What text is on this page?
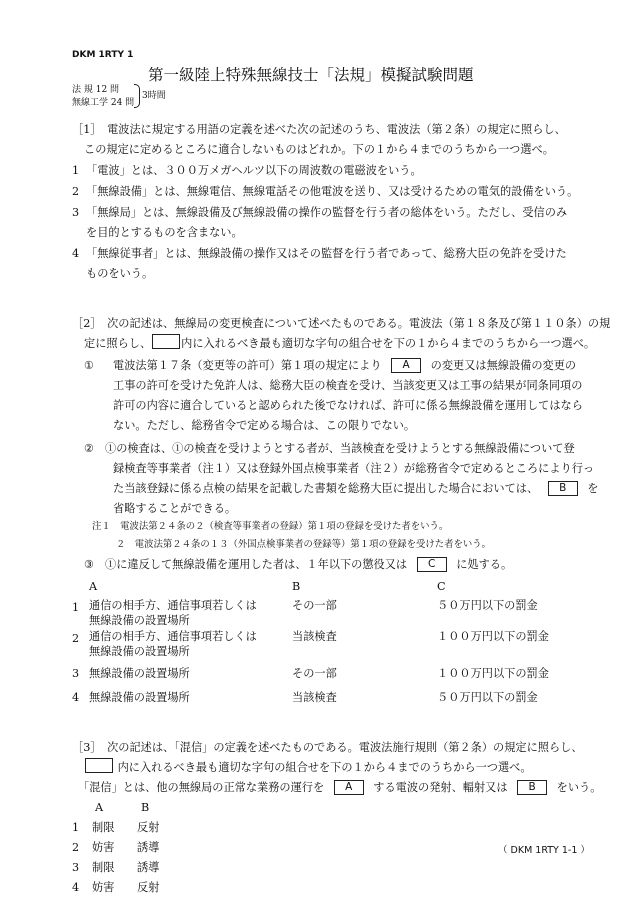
DKM 1RTY 1
第一級陸上特殊無線技士「法規」模擬試験問題
法 規 12 問
無線工学 24 問
3時間
［1］　電波法に規定する用語の定義を述べた次の記述のうち、電波法（第２条）の規定に照らし、
この規定に定めるところに適合しないものはどれか。下の１から４までのうちから一つ選べ。
1 「電波」とは、３００万メガヘルツ以下の周波数の電磁波をいう。
2 「無線設備」とは、無線電信、無線電話その他電波を送り、又は受けるための電気的設備をいう。
3 「無線局」とは、無線設備及び無線設備の操作の監督を行う者の総体をいう。ただし、受信のみ
を目的とするものを含まない。
4 「無線従事者」とは、無線設備の操作又はその監督を行う者であって、総務大臣の免許を受けた
ものをいう。
［2］　次の記述は、無線局の変更検査について述べたものである。電波法（第１８条及び第１１０条）の規
定に照らし、	内に入れるべき最も適切な字句の組合せを下の１から４までのうちから一つ選べ。
① 電波法第１７条（変更等の許可）第１項の規定により A の変更又は無線設備の変更の
工事の許可を受けた免許人は、総務大臣の検査を受け、当該変更又は工事の結果が同条同項の
許可の内容に適合していると認められた後でなければ、許可に係る無線設備を運用してはなら
ない。ただし、総務省令で定める場合は、この限りでない。
② ①の検査は、①の検査を受けようとする者が、当該検査を受けようとする無線設備について登
録検査等事業者（注１）又は登録外国点検事業者（注２）が総務省令で定めるところにより行っ
た当該登録に係る点検の結果を記載した書類を総務大臣に提出した場合においては、 B を
省略することができる。
注１　電波法第２４条の２（検査等事業者の登録）第１項の登録を受けた者をいう。
２　電波法第２４条の１３（外国点検事業者の登録等）第１項の登録を受けた者をいう。
③ ①に違反して無線設備を運用した者は、１年以下の懲役又は C に処する。
A	B	C
1 通信の相手方、通信事項若しくは
無線設備の設置場所
その一部	５０万円以下の罰金
2 通信の相手方、通信事項若しくは
無線設備の設置場所
当該検査	１００万円以下の罰金
3 無線設備の設置場所	その一部	１００万円以下の罰金
4 無線設備の設置場所	当該検査	５０万円以下の罰金
［3］　次の記述は、「混信」の定義を述べたものである。電波法施行規則（第２条）の規定に照らし、
内に入れるべき最も適切な字句の組合せを下の１から４までのうちから一つ選べ。
「混信」とは、他の無線局の正常な業務の運行を A する電波の発射、輻射又は B をいう。
A	B
1 制限 反射
2 妨害 誘導
3 制限 誘導
4 妨害 反射
（ DKM 1RTY 1-1 ）
